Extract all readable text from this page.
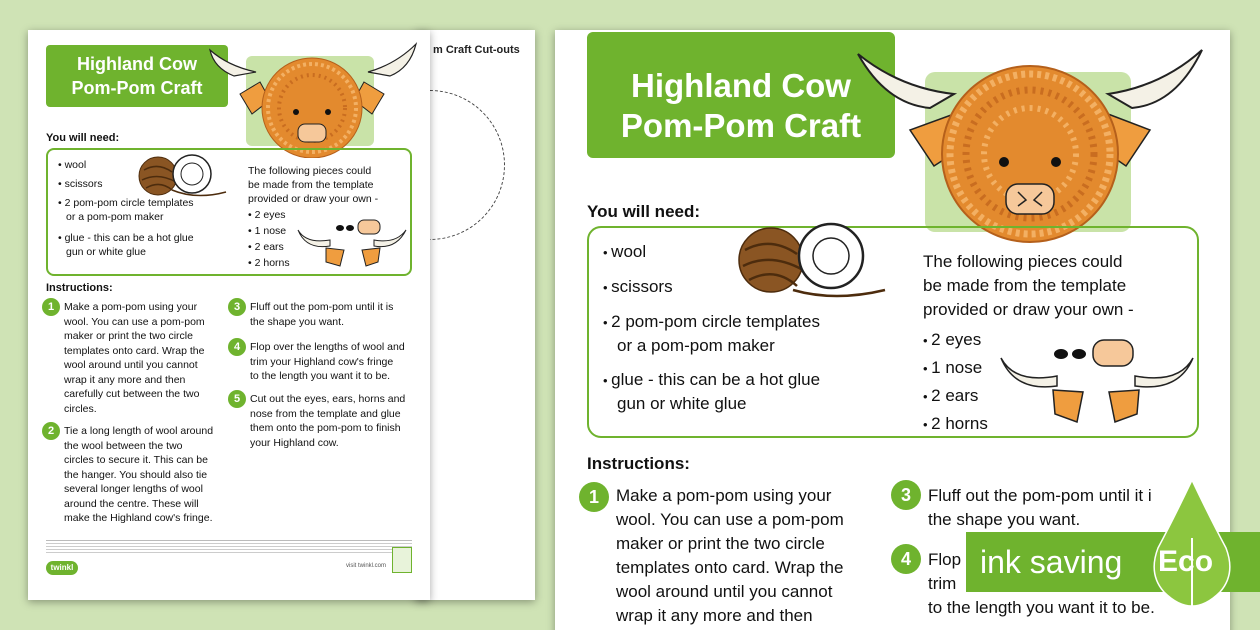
m Craft Cut-outs
Highland Cow
Pom-Pom Craft
You will need:
• wool
• scissors
• 2 pom-pom circle templates
or a pom-pom maker
• glue - this can be a hot glue
gun or white glue
The following pieces could
be made from the template
provided or draw your own -
• 2 eyes
• 1 nose
• 2 ears
• 2 horns
Instructions:
1 Make a pom-pom using your
wool. You can use a pom-pom
maker or print the two circle
templates onto card. Wrap the
wool around until you cannot
wrap it any more and then
carefully cut between the two
circles.
2 Tie a long length of wool around
the wool between the two
circles to secure it. This can be
the hanger. You should also tie
several longer lengths of wool
around the centre. These will
make the Highland cow's fringe.
3 Fluff out the pom-pom until it is
the shape you want.
4 Flop over the lengths of wool and
trim your Highland cow's fringe
to the length you want it to be.
5 Cut out the eyes, ears, horns and
nose from the template and glue
them onto the pom-pom to finish
your Highland cow.
twinkl	visit twinkl.com
Highland Cow
Pom-Pom Craft
You will need:
• wool
• scissors
• 2 pom-pom circle templates
or a pom-pom maker
• glue - this can be a hot glue
gun or white glue
The following pieces could
be made from the template
provided or draw your own -
• 2 eyes
• 1 nose
• 2 ears
• 2 horns
Instructions:
1	Make a pom-pom using your
wool. You can use a pom-pom
maker or print the two circle
templates onto card. Wrap the
wool around until you cannot
wrap it any more and then
3	Fluff out the pom-pom until it i
the shape you want.
4	Flop
trim
to the length you want it to be.
ink saving Eco
